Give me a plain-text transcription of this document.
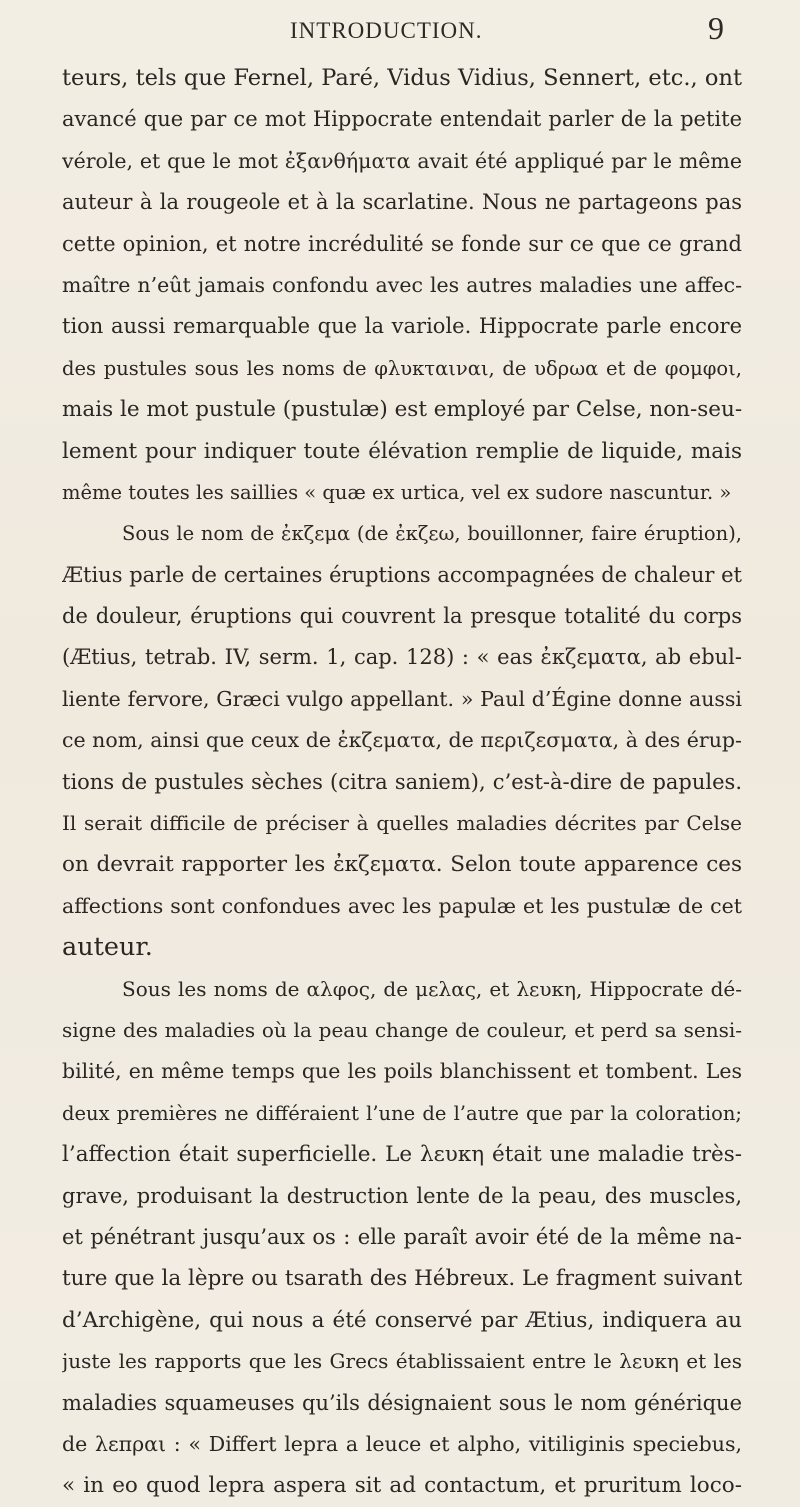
INTRODUCTION.	9
teurs, tels que Fernel, Paré, Vidus Vidius, Sennert, etc., ont
avancé que par ce mot Hippocrate entendait parler de la petite
vérole, et que le mot ἐξανθήματα avait été appliqué par le même
auteur à la rougeole et à la scarlatine. Nous ne partageons pas
cette opinion, et notre incrédulité se fonde sur ce que ce grand
maître n’eût jamais confondu avec les autres maladies une affec-
tion aussi remarquable que la variole. Hippocrate parle encore
des pustules sous les noms de φλυκταιναι, de υδρωα et de φομφοι,
mais le mot pustule (pustulæ) est employé par Celse, non-seu-
lement pour indiquer toute élévation remplie de liquide, mais
même toutes les saillies « quæ ex urtica, vel ex sudore nascuntur. »
Sous le nom de ἐκζεμα (de ἐκζεω, bouillonner, faire éruption),
Ætius parle de certaines éruptions accompagnées de chaleur et
de douleur, éruptions qui couvrent la presque totalité du corps
(Ætius, tetrab. IV, serm. 1, cap. 128) : « eas ἐκζεματα, ab ebul-
liente fervore, Græci vulgo appellant. » Paul d’Égine donne aussi
ce nom, ainsi que ceux de ἐκζεματα, de περιζεσματα, à des érup-
tions de pustules sèches (citra saniem), c’est-à-dire de papules.
Il serait difficile de préciser à quelles maladies décrites par Celse
on devrait rapporter les ἐκζεματα. Selon toute apparence ces
affections sont confondues avec les papulæ et les pustulæ de cet
auteur.
Sous les noms de αλφος, de μελας, et λευκη, Hippocrate dé-
signe des maladies où la peau change de couleur, et perd sa sensi-
bilité, en même temps que les poils blanchissent et tombent. Les
deux premières ne différaient l’une de l’autre que par la coloration;
l’affection était superficielle. Le λευκη était une maladie très-
grave, produisant la destruction lente de la peau, des muscles,
et pénétrant jusqu’aux os : elle paraît avoir été de la même na-
ture que la lèpre ou tsarath des Hébreux. Le fragment suivant
d’Archigène, qui nous a été conservé par Ætius, indiquera au
juste les rapports que les Grecs établissaient entre le λευκη et les
maladies squameuses qu’ils désignaient sous le nom générique
de λεπραι : « Differt lepra a leuce et alpho, vitiliginis speciebus,
« in eo quod lepra aspera sit ad contactum, et pruritum loco-
